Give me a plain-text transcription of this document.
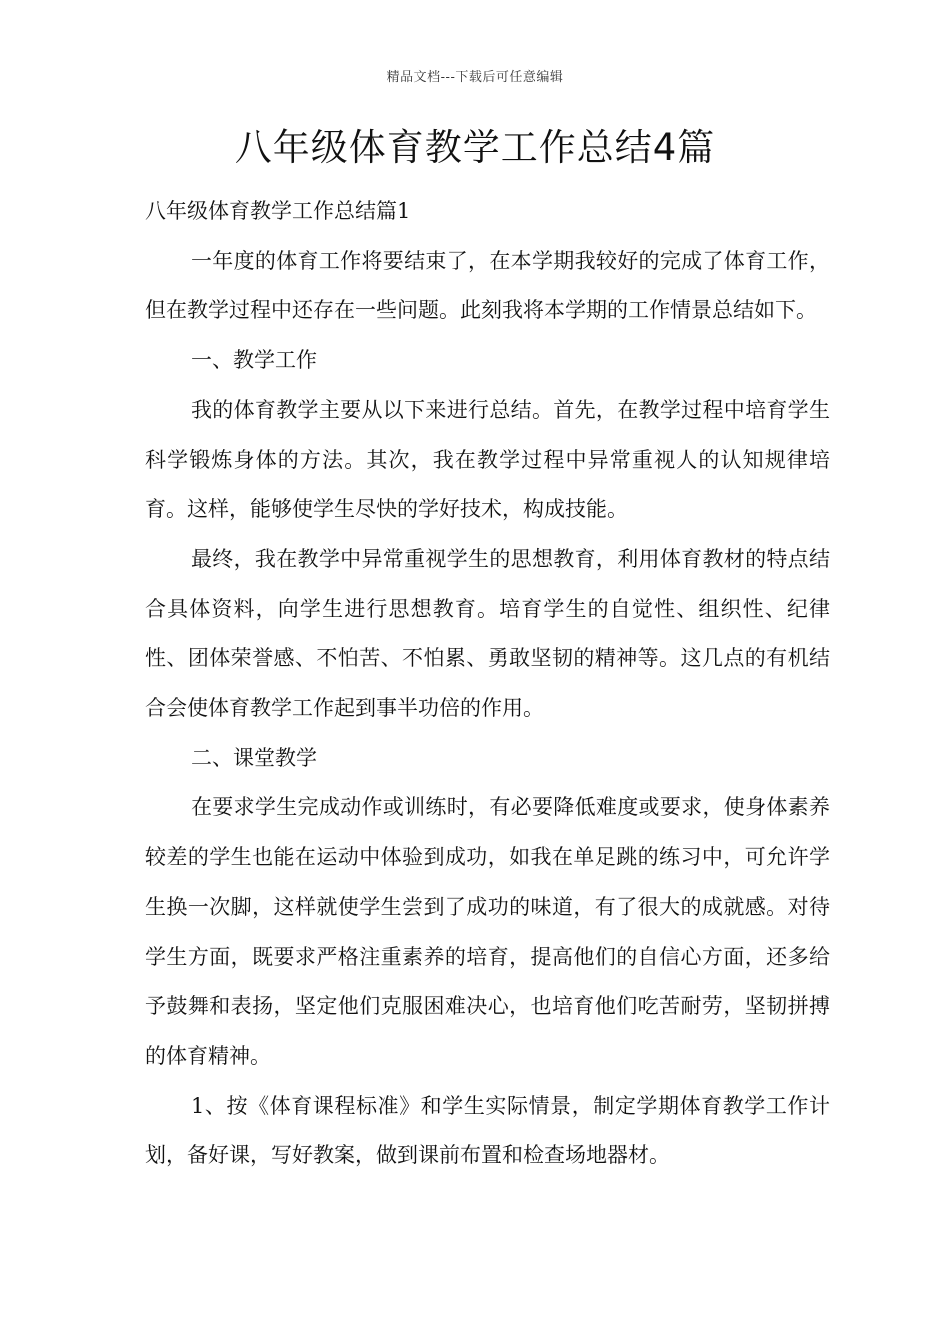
精品文档---下载后可任意编辑
八年级体育教学工作总结4篇

八年级体育教学工作总结篇1

一年度的体育工作将要结束了，在本学期我较好的完成了体育工作，但在教学过程中还存在一些问题。此刻我将本学期的工作情景总结如下。

一、教学工作

我的体育教学主要从以下来进行总结。首先，在教学过程中培育学生科学锻炼身体的方法。其次，我在教学过程中异常重视人的认知规律培育。这样，能够使学生尽快的学好技术，构成技能。

最终，我在教学中异常重视学生的思想教育，利用体育教材的特点结合具体资料，向学生进行思想教育。培育学生的自觉性、组织性、纪律性、团体荣誉感、不怕苦、不怕累、勇敢坚韧的精神等。这几点的有机结合会使体育教学工作起到事半功倍的作用。

二、课堂教学

在要求学生完成动作或训练时，有必要降低难度或要求，使身体素养较差的学生也能在运动中体验到成功，如我在单足跳的练习中，可允许学生换一次脚，这样就使学生尝到了成功的味道，有了很大的成就感。对待学生方面，既要求严格注重素养的培育，提高他们的自信心方面，还多给予鼓舞和表扬，坚定他们克服困难决心，也培育他们吃苦耐劳，坚韧拼搏的体育精神。

1、按《体育课程标准》和学生实际情景，制定学期体育教学工作计划，备好课，写好教案，做到课前布置和检查场地器材。
